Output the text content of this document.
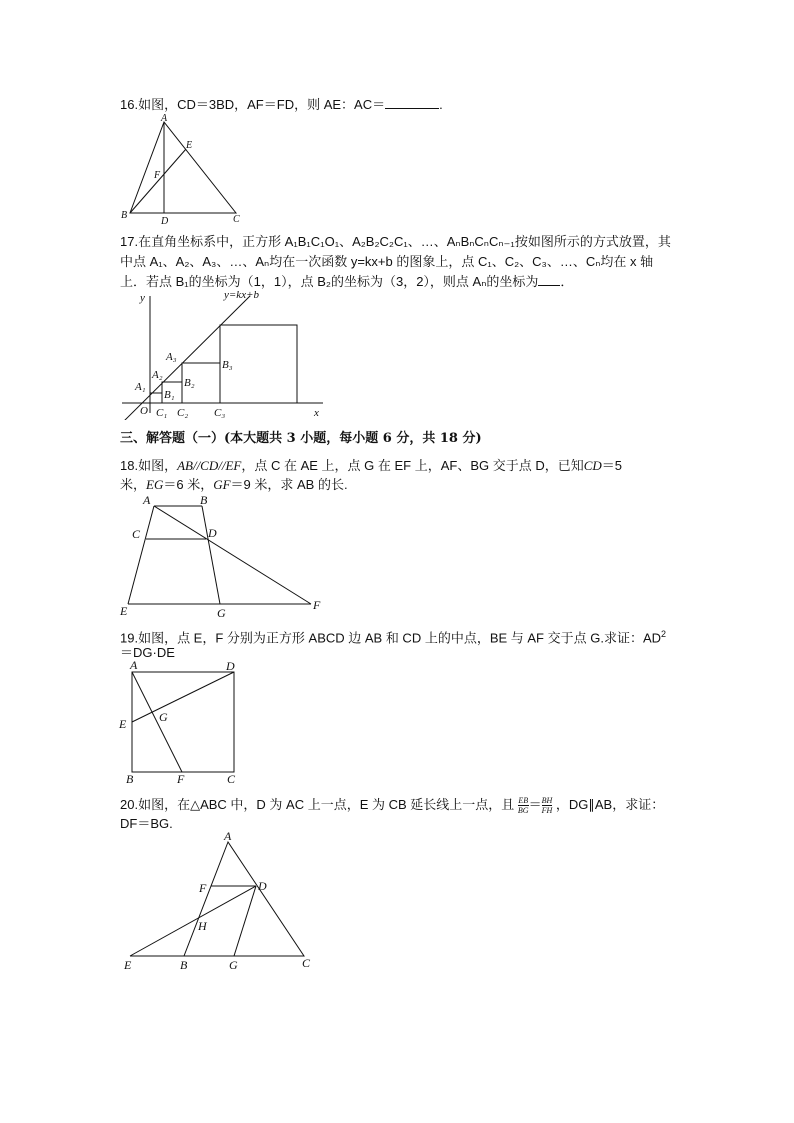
16.如图，CD＝3BD，AF＝FD，则 AE：AC＝	.
A
E
F
B
D	C
17.在直角坐标系中，正方形 A₁B₁C₁O₁、A₂B₂C₂C₁、…、AₙBₙCₙCₙ₋₁按如图所示的方式放置，其
中点 A₁、A₂、A₃、…、Aₙ均在一次函数 y=kx+b 的图象上，点 C₁、C₂、C₃、…、Cₙ均在 x 轴
上．若点 B₁的坐标为（1，1），点 B₂的坐标为（3，2），则点 Aₙ的坐标为 ．
y	y=kx+b
A₃
B₃
A₂
B₂
A₁
B₁
O C₁ C₂ C₃	x
三、解答题（一）(本大题共 3 小题，每小题 6 分，共 18 分)
18.如图，AB//CD//EF，点 C 在 AE 上，点 G 在 EF 上，AF、BG 交于点 D，已知CD＝5
米，EG＝6 米，GF＝9 米，求 AB 的长.
A	B
C	D
E	G
F
19.如图，点 E，F 分别为正方形 ABCD 边 AB 和 CD 上的中点，BE 与 AF 交于点 G.求证：$AD^2$
＝DG·DE
A	D
E	G
B	F	C
20.如图，在△ABC 中，D 为 AC 上一点，E 为 CB 延长线上一点，且 $\frac{EB}{BG} = \frac{BH}{FH}$ ，DG∥AB，求证：
DF＝BG.
A
F	D
H
E	B	G	C
